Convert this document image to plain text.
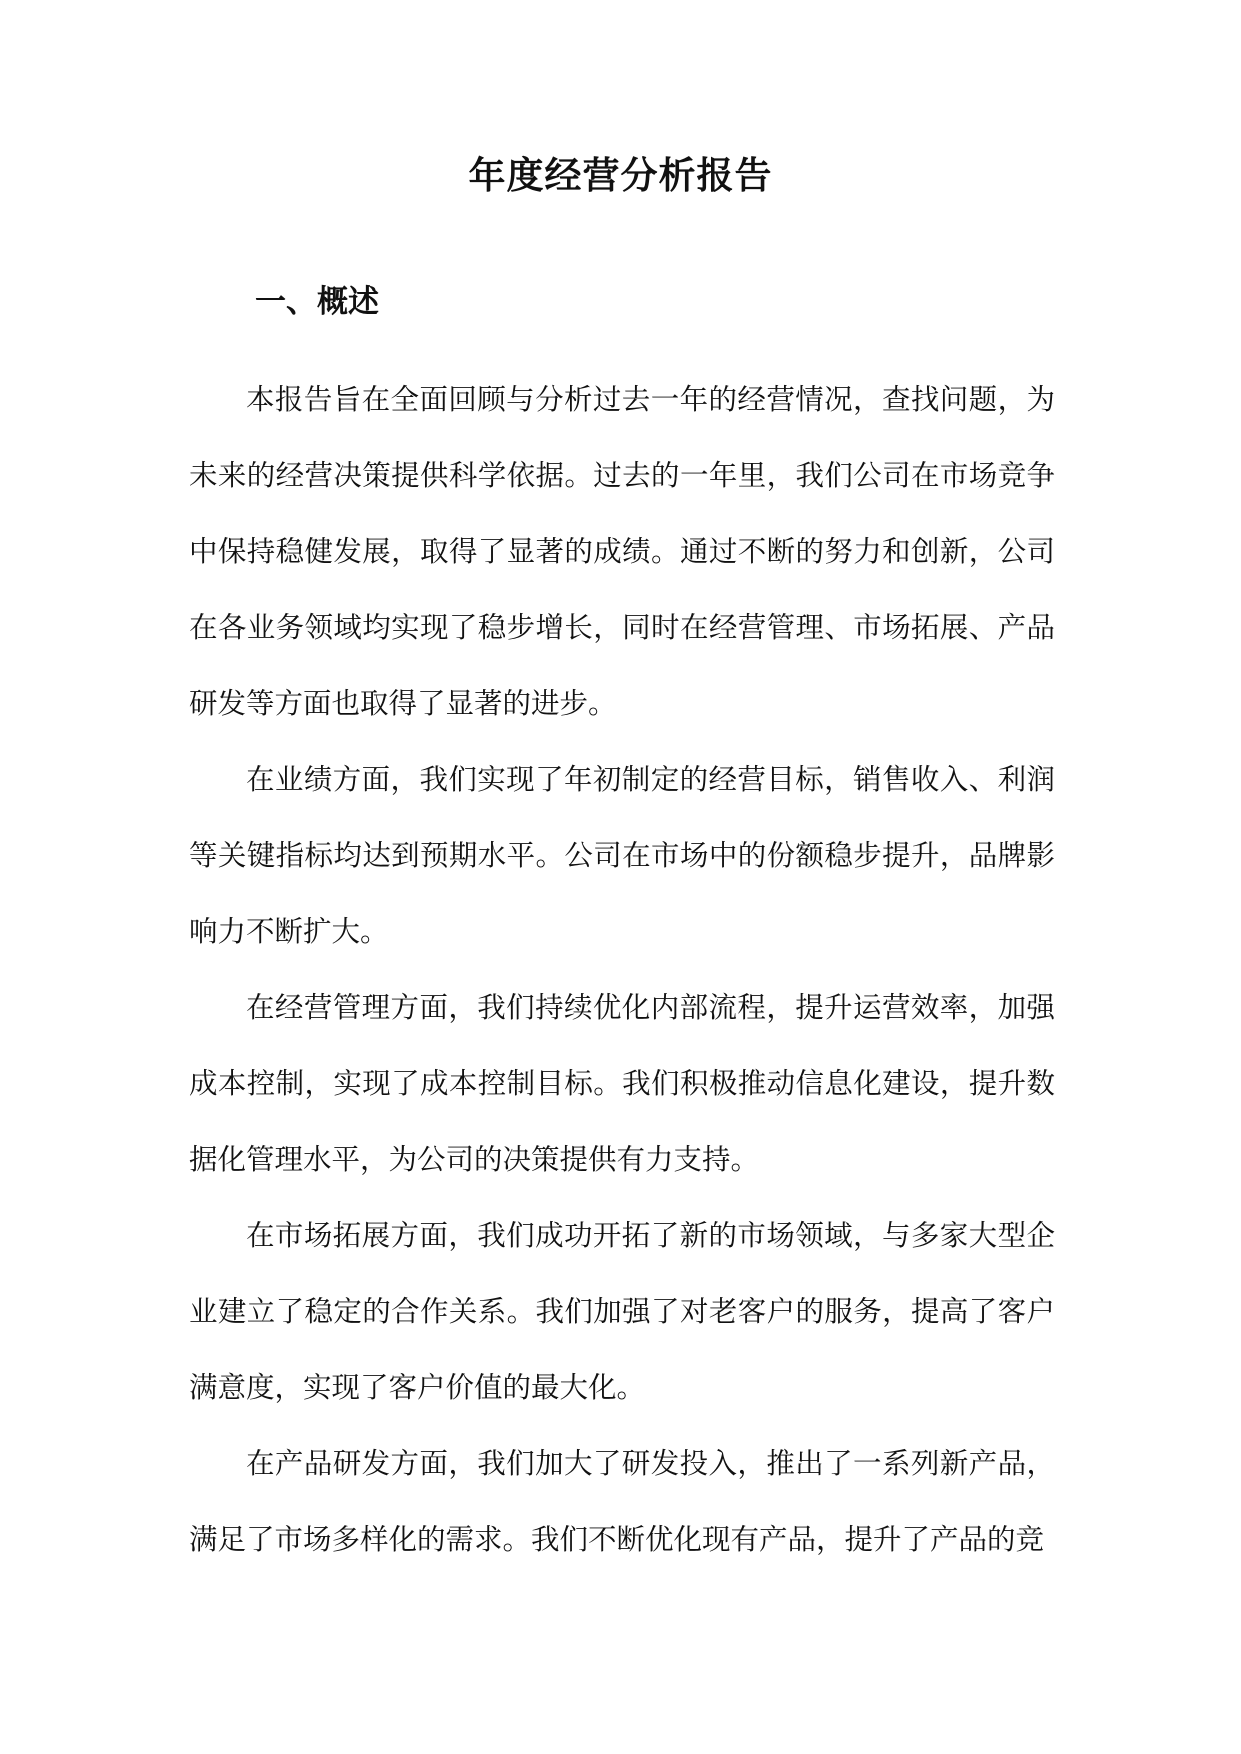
年度经营分析报告
一、概述

本报告旨在全面回顾与分析过去一年的经营情况，查找问题，为未来的经营决策提供科学依据。过去的一年里，我们公司在市场竞争中保持稳健发展，取得了显著的成绩。通过不断的努力和创新，公司在各业务领域均实现了稳步增长，同时在经营管理、市场拓展、产品研发等方面也取得了显著的进步。

在业绩方面，我们实现了年初制定的经营目标，销售收入、利润等关键指标均达到预期水平。公司在市场中的份额稳步提升，品牌影响力不断扩大。

在经营管理方面，我们持续优化内部流程，提升运营效率，加强成本控制，实现了成本控制目标。我们积极推动信息化建设，提升数据化管理水平，为公司的决策提供有力支持。

在市场拓展方面，我们成功开拓了新的市场领域，与多家大型企业建立了稳定的合作关系。我们加强了对老客户的服务，提高了客户满意度，实现了客户价值的最大化。

在产品研发方面，我们加大了研发投入，推出了一系列新产品，满足了市场多样化的需求。我们不断优化现有产品，提升了产品的竞
